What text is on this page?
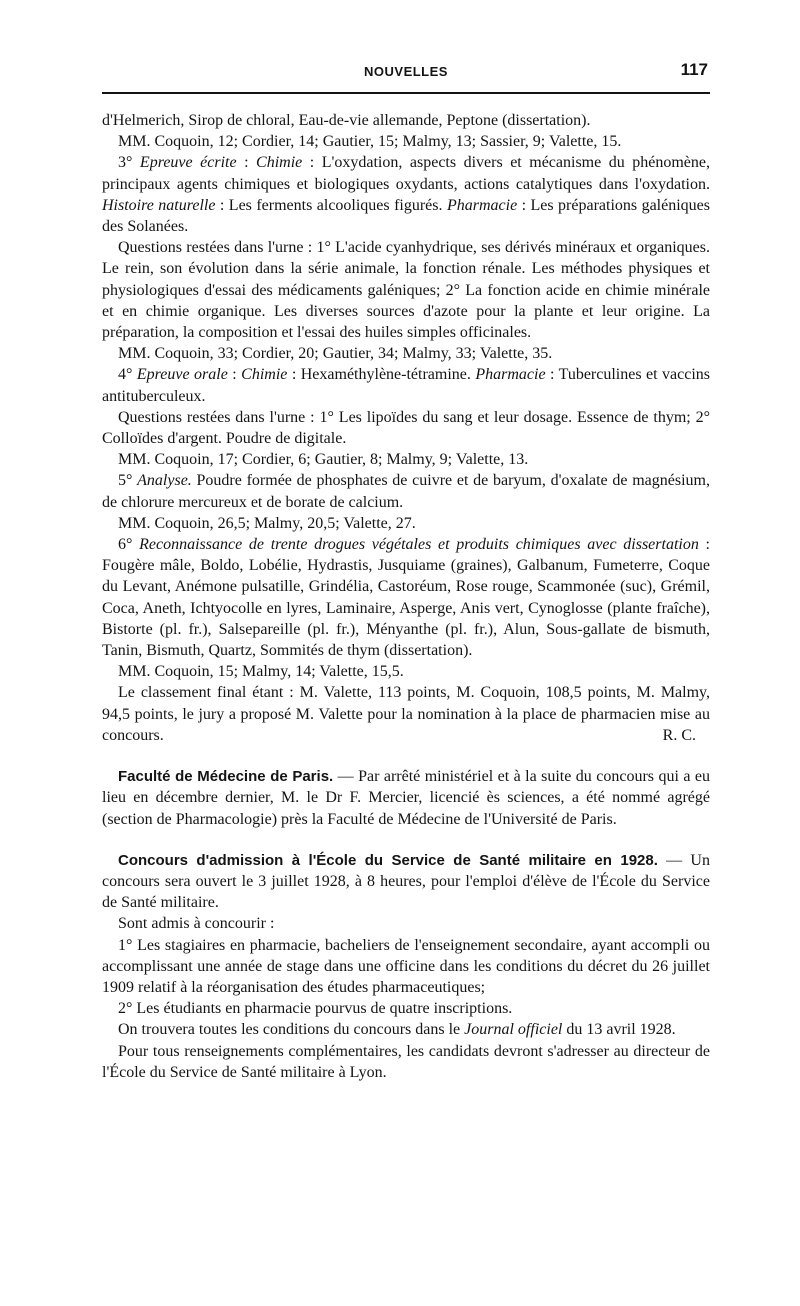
NOUVELLES	117

d'Helmerich, Sirop de chloral, Eau-de-vie allemande, Peptone (dissertation).

MM. Coquoin, 12; Cordier, 14; Gautier, 15; Malmy, 13; Sassier, 9; Valette, 15.

3° Epreuve écrite : Chimie : L'oxydation, aspects divers et mécanisme du phénomène, principaux agents chimiques et biologiques oxydants, actions catalytiques dans l'oxydation. Histoire naturelle : Les ferments alcooliques figurés. Pharmacie : Les préparations galéniques des Solanées.

Questions restées dans l'urne : 1° L'acide cyanhydrique, ses dérivés minéraux et organiques. Le rein, son évolution dans la série animale, la fonction rénale. Les méthodes physiques et physiologiques d'essai des médicaments galéniques; 2° La fonction acide en chimie minérale et en chimie organique. Les diverses sources d'azote pour la plante et leur origine. La préparation, la composition et l'essai des huiles simples officinales.

MM. Coquoin, 33; Cordier, 20; Gautier, 34; Malmy, 33; Valette, 35.

4° Epreuve orale : Chimie : Hexaméthylène-tétramine. Pharmacie : Tuberculines et vaccins antituberculeux.

Questions restées dans l'urne : 1° Les lipoïdes du sang et leur dosage. Essence de thym; 2° Colloïdes d'argent. Poudre de digitale.

MM. Coquoin, 17; Cordier, 6; Gautier, 8; Malmy, 9; Valette, 13.

5° Analyse. Poudre formée de phosphates de cuivre et de baryum, d'oxalate de magnésium, de chlorure mercureux et de borate de calcium.

MM. Coquoin, 26,5; Malmy, 20,5; Valette, 27.

6° Reconnaissance de trente drogues végétales et produits chimiques avec dissertation : Fougère mâle, Boldo, Lobélie, Hydrastis, Jusquiame (graines), Galbanum, Fumeterre, Coque du Levant, Anémone pulsatille, Grindélia, Castoréum, Rose rouge, Scammonée (suc), Grémil, Coca, Aneth, Ichtyocolle en lyres, Laminaire, Asperge, Anis vert, Cynoglosse (plante fraîche), Bistorte (pl. fr.), Salsepareille (pl. fr.), Ményanthe (pl. fr.), Alun, Sous-gallate de bismuth, Tanin, Bismuth, Quartz, Sommités de thym (dissertation).

MM. Coquoin, 15; Malmy, 14; Valette, 15,5.

Le classement final étant : M. Valette, 113 points, M. Coquoin, 108,5 points, M. Malmy, 94,5 points, le jury a proposé M. Valette pour la nomination à la place de pharmacien mise au concours.	R. C.

Faculté de Médecine de Paris. — Par arrêté ministériel et à la suite du concours qui a eu lieu en décembre dernier, M. le Dr F. Mercier, licencié ès sciences, a été nommé agrégé (section de Pharmacologie) près la Faculté de Médecine de l'Université de Paris.

Concours d'admission à l'École du Service de Santé militaire en 1928. — Un concours sera ouvert le 3 juillet 1928, à 8 heures, pour l'emploi d'élève de l'École du Service de Santé militaire.

Sont admis à concourir :

1° Les stagiaires en pharmacie, bacheliers de l'enseignement secondaire, ayant accompli ou accomplissant une année de stage dans une officine dans les conditions du décret du 26 juillet 1909 relatif à la réorganisation des études pharmaceutiques;

2° Les étudiants en pharmacie pourvus de quatre inscriptions.

On trouvera toutes les conditions du concours dans le Journal officiel du 13 avril 1928.

Pour tous renseignements complémentaires, les candidats devront s'adresser au directeur de l'École du Service de Santé militaire à Lyon.
